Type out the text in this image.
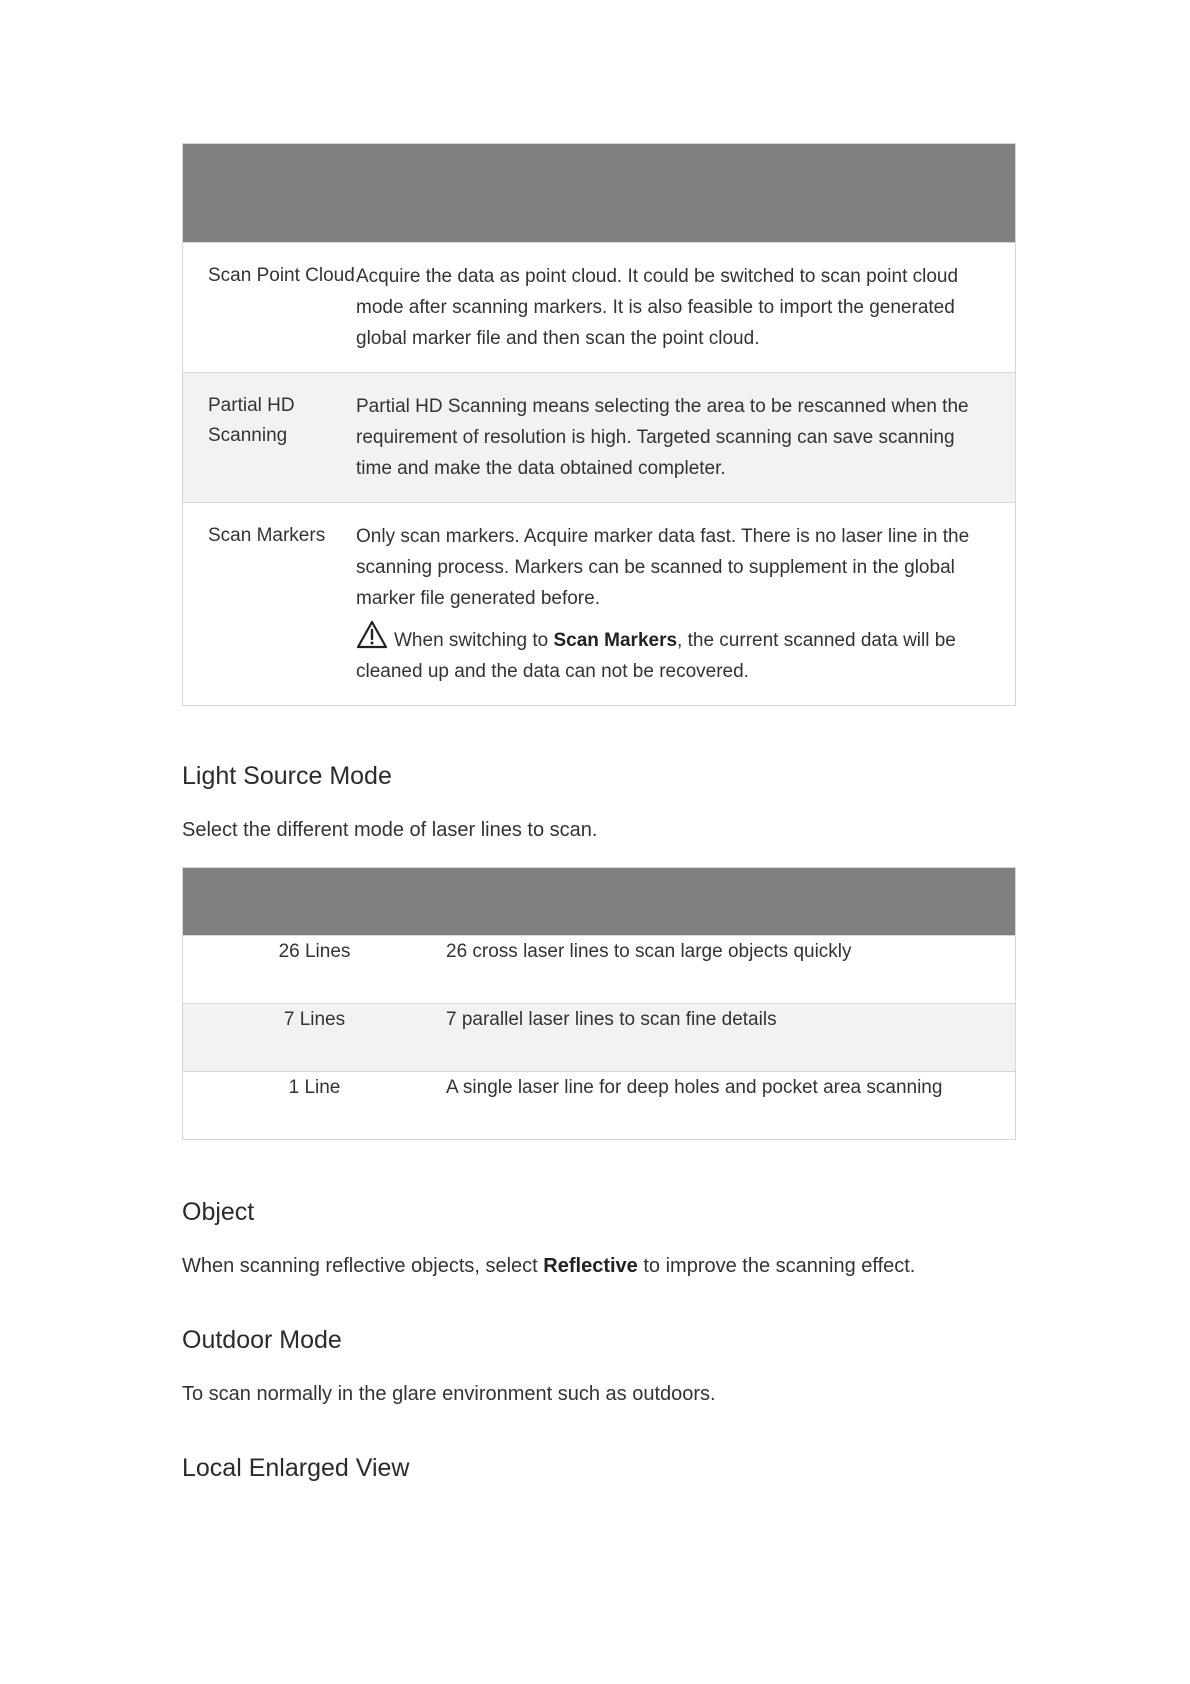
Scan Point Cloud	Acquire the data as point cloud. It could be switched to scan point cloud mode after scanning markers. It is also feasible to import the generated global marker file and then scan the point cloud.
Partial HD Scanning	Partial HD Scanning means selecting the area to be rescanned when the requirement of resolution is high. Targeted scanning can save scanning time and make the data obtained completer.
Scan Markers	Only scan markers. Acquire marker data fast. There is no laser line in the scanning process. Markers can be scanned to supplement in the global marker file generated before.
When switching to Scan Markers, the current scanned data will be cleaned up and the data can not be recovered.
Light Source Mode

Select the different mode of laser lines to scan.

26 Lines	26 cross laser lines to scan large objects quickly
7 Lines	7 parallel laser lines to scan fine details
1 Line	A single laser line for deep holes and pocket area scanning
Object

When scanning reflective objects, select Reflective to improve the scanning effect.

Outdoor Mode

To scan normally in the glare environment such as outdoors.

Local Enlarged View
